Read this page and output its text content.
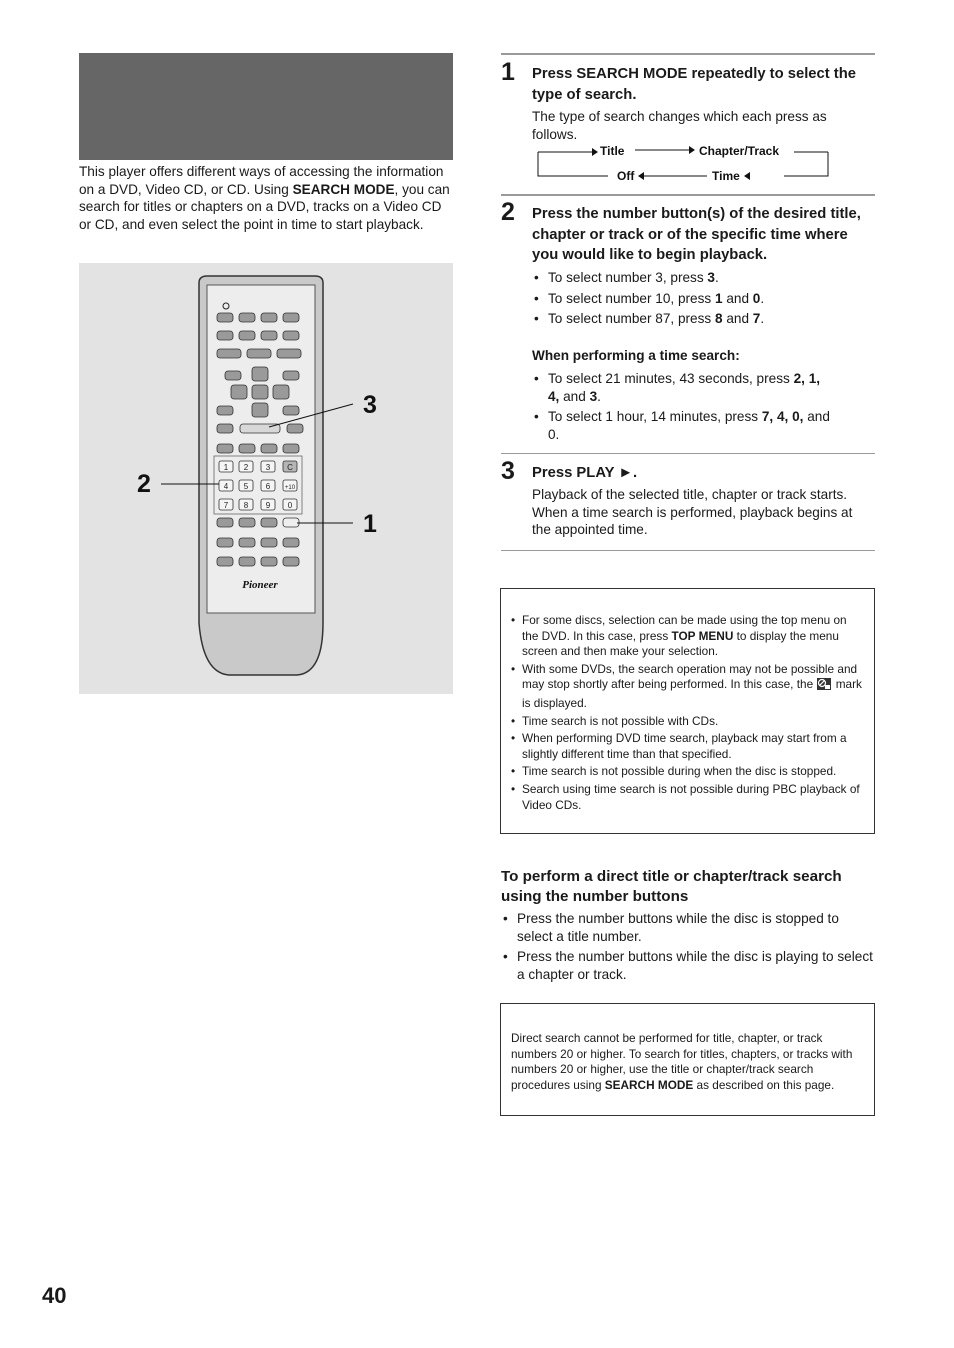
This player offers different ways of accessing the information on a DVD, Video CD, or CD. Using SEARCH MODE, you can search for titles or chapters on a DVD, tracks on a Video CD or CD, and even select the point in time to start playback.
1 2 3 C
4 5 6 +10
7 8 9 0
Pioneer
3
2
1
1 Press SEARCH MODE repeatedly to select the type of search.
The type of search changes which each press as follows.
Title	Chapter/Track
Off	Time
2 Press the number button(s) of the desired title, chapter or track or of the specific time where you would like to begin playback.
• To select number 3, press 3.
• To select number 10, press 1 and 0.
• To select number 87, press 8 and 7.
When performing a time search:
• To select 21 minutes, 43 seconds, press 2, 1, 4, and 3.
• To select 1 hour, 14 minutes, press 7, 4, 0, and 0.
3 Press PLAY ►.
Playback of the selected title, chapter or track starts. When a time search is performed, playback begins at the appointed time.
• For some discs, selection can be made using the top menu on the DVD. In this case, press TOP MENU to display the menu screen and then make your selection.
• With some DVDs, the search operation may not be possible and may stop shortly after being performed. In this case, the  mark is displayed.
• Time search is not possible with CDs.
• When performing DVD time search, playback may start from a slightly different time than that specified.
• Time search is not possible during when the disc is stopped.
• Search using time search is not possible during PBC playback of Video CDs.
To perform a direct title or chapter/track search using the number buttons
• Press the number buttons while the disc is stopped to select a title number.
• Press the number buttons while the disc is playing to select a chapter or track.
Direct search cannot be performed for title, chapter, or track numbers 20 or higher. To search for titles, chapters, or tracks with numbers 20 or higher, use the title or chapter/track search procedures using SEARCH MODE as described on this page.
40
